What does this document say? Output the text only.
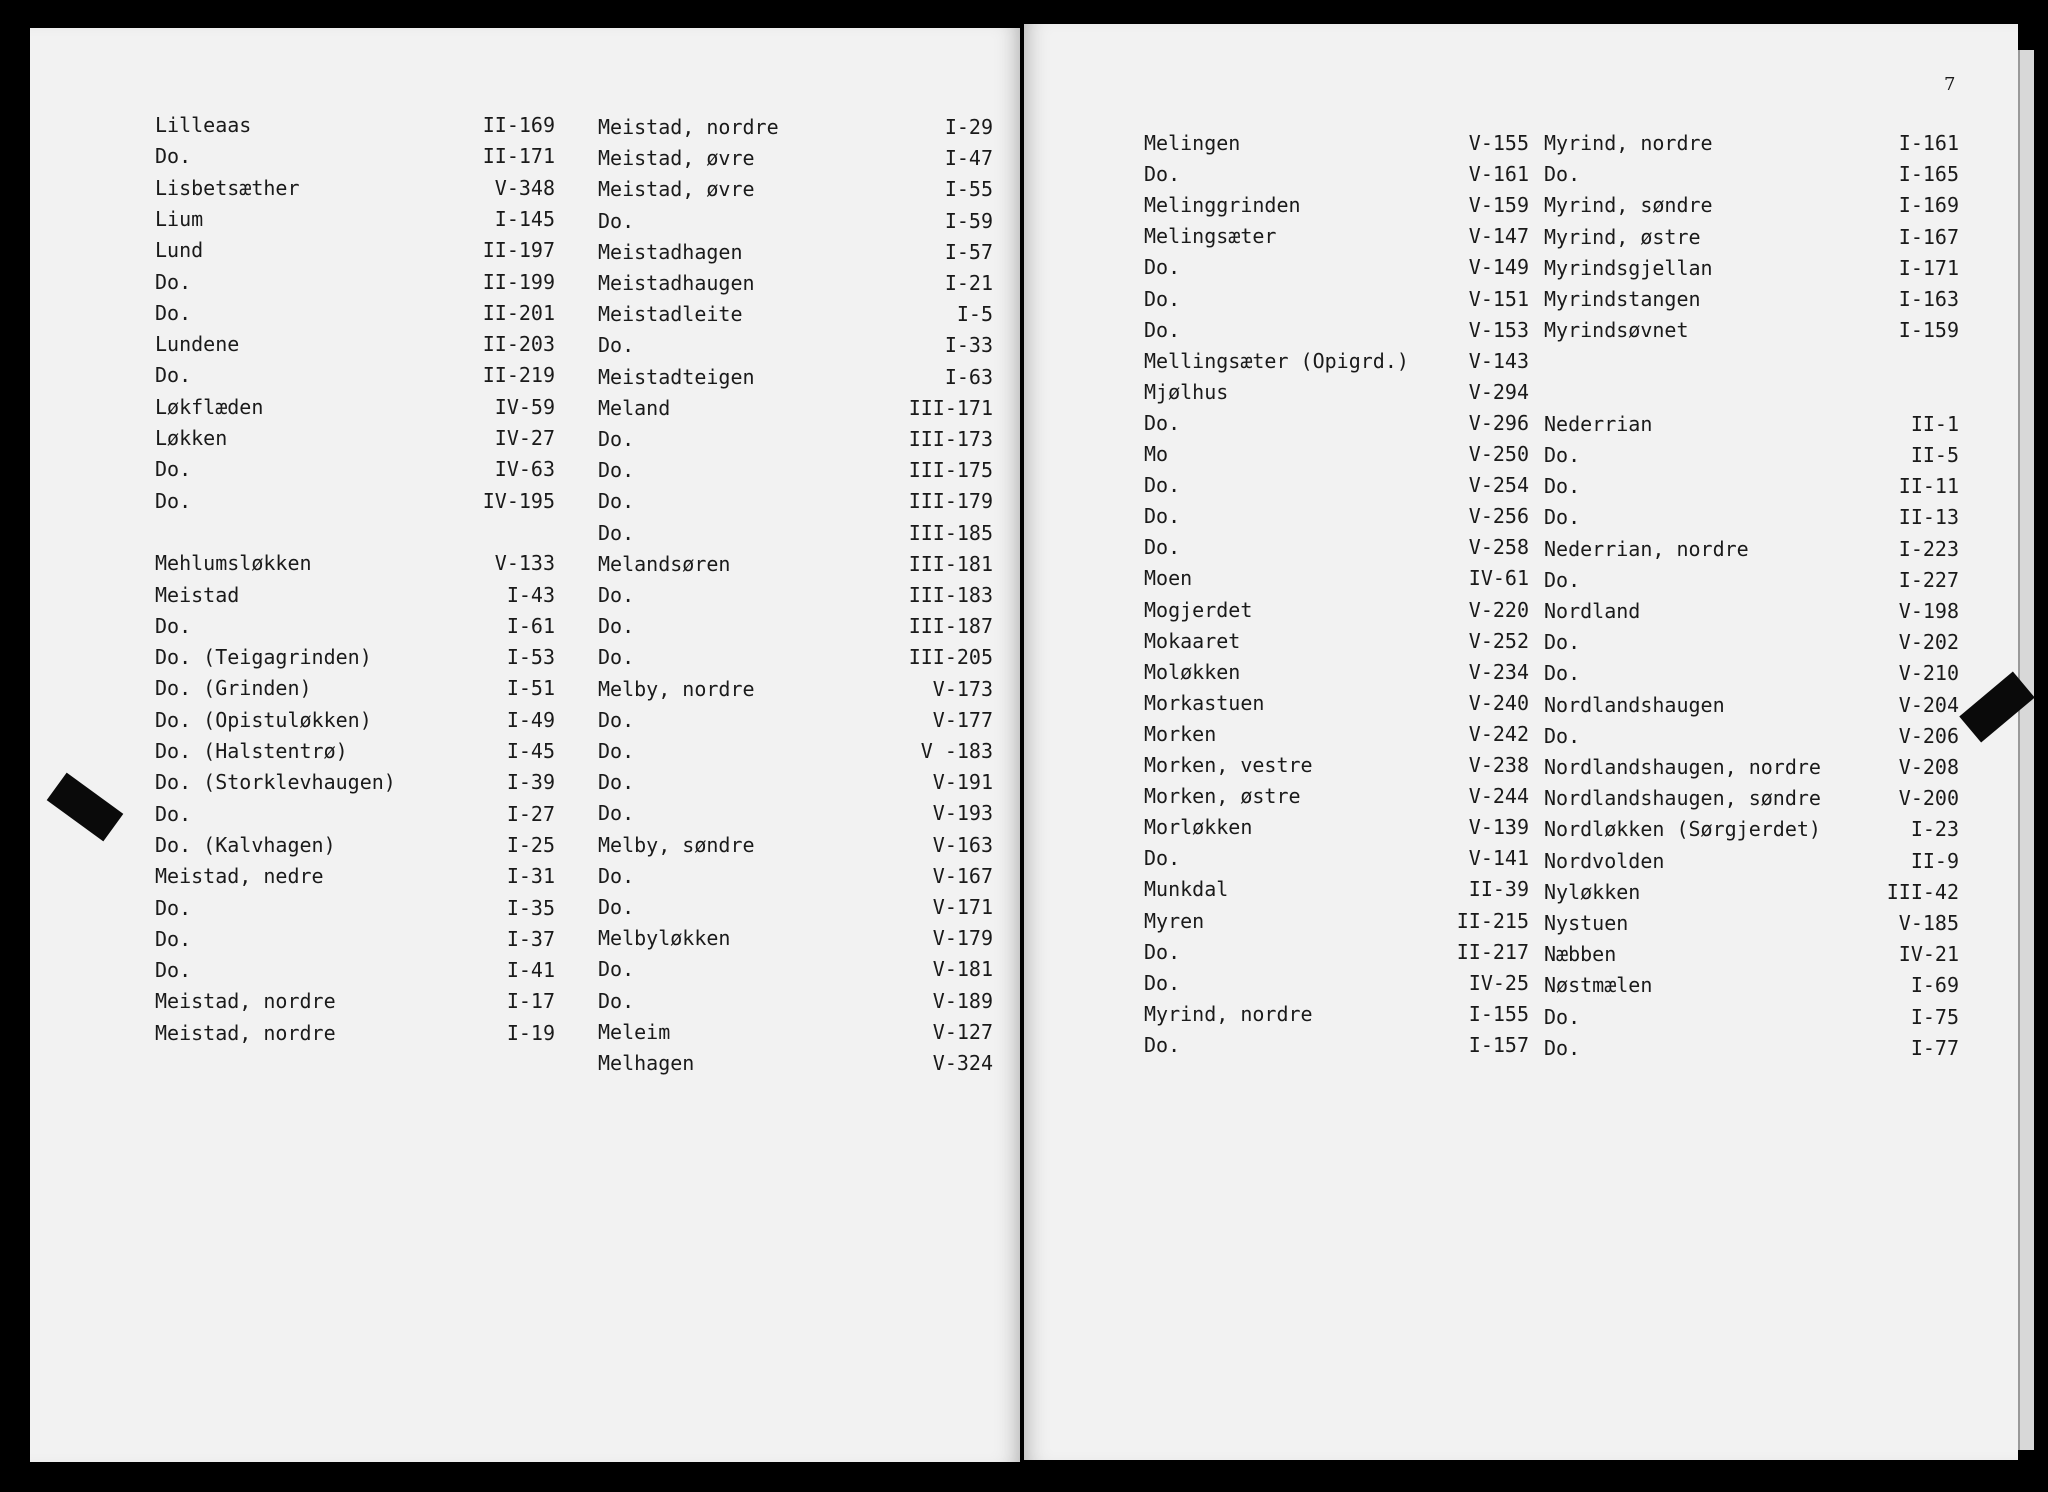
Lilleaas	II-169
Do.	II-171
Lisbetsæther	V-348
Lium	I-145
Lund	II-197
Do.	II-199
Do.	II-201
Lundene	II-203
Do.	II-219
Løkflæden	IV-59
Løkken	IV-27
Do.	IV-63
Do.	IV-195
Mehlumsløkken	V-133
Meistad	I-43
Do.	I-61
Do. (Teigagrinden)	I-53
Do. (Grinden)	I-51
Do. (Opistuløkken)	I-49
Do. (Halstentrø)	I-45
Do. (Storklevhaugen)	I-39
Do.	I-27
Do. (Kalvhagen)	I-25
Meistad, nedre	I-31
Do.	I-35
Do.	I-37
Do.	I-41
Meistad, nordre	I-17
Meistad, nordre	I-19
Meistad, nordre	I-29
Meistad, øvre	I-47
Meistad, øvre	I-55
Do.	I-59
Meistadhagen	I-57
Meistadhaugen	I-21
Meistadleite	I-5
Do.	I-33
Meistadteigen	I-63
Meland	III-171
Do.	III-173
Do.	III-175
Do.	III-179
Do.	III-185
Melandsøren	III-181
Do.	III-183
Do.	III-187
Do.	III-205
Melby, nordre	V-173
Do.	V-177
Do.	V -183
Do.	V-191
Do.	V-193
Melby, søndre	V-163
Do.	V-167
Do.	V-171
Melbyløkken	V-179
Do.	V-181
Do.	V-189
Meleim	V-127
Melhagen	V-324
7
Melingen	V-155
Do.	V-161
Melinggrinden	V-159
Melingsæter	V-147
Do.	V-149
Do.	V-151
Do.	V-153
Mellingsæter (Opigrd.)	V-143
Mjølhus	V-294
Do.	V-296
Mo	V-250
Do.	V-254
Do.	V-256
Do.	V-258
Moen	IV-61
Mogjerdet	V-220
Mokaaret	V-252
Moløkken	V-234
Morkastuen	V-240
Morken	V-242
Morken, vestre	V-238
Morken, østre	V-244
Morløkken	V-139
Do.	V-141
Munkdal	II-39
Myren	II-215
Do.	II-217
Do.	IV-25
Myrind, nordre	I-155
Do.	I-157
Myrind, nordre	I-161
Do.	I-165
Myrind, søndre	I-169
Myrind, østre	I-167
Myrindsgjellan	I-171
Myrindstangen	I-163
Myrindsøvnet	I-159
Nederrian	II-1
Do.	II-5
Do.	II-11
Do.	II-13
Nederrian, nordre	I-223
Do.	I-227
Nordland	V-198
Do.	V-202
Do.	V-210
Nordlandshaugen	V-204
Do.	V-206
Nordlandshaugen, nordre	V-208
Nordlandshaugen, søndre	V-200
Nordløkken (Sørgjerdet)	I-23
Nordvolden	II-9
Nyløkken	III-42
Nystuen	V-185
Næbben	IV-21
Nøstmælen	I-69
Do.	I-75
Do.	I-77
